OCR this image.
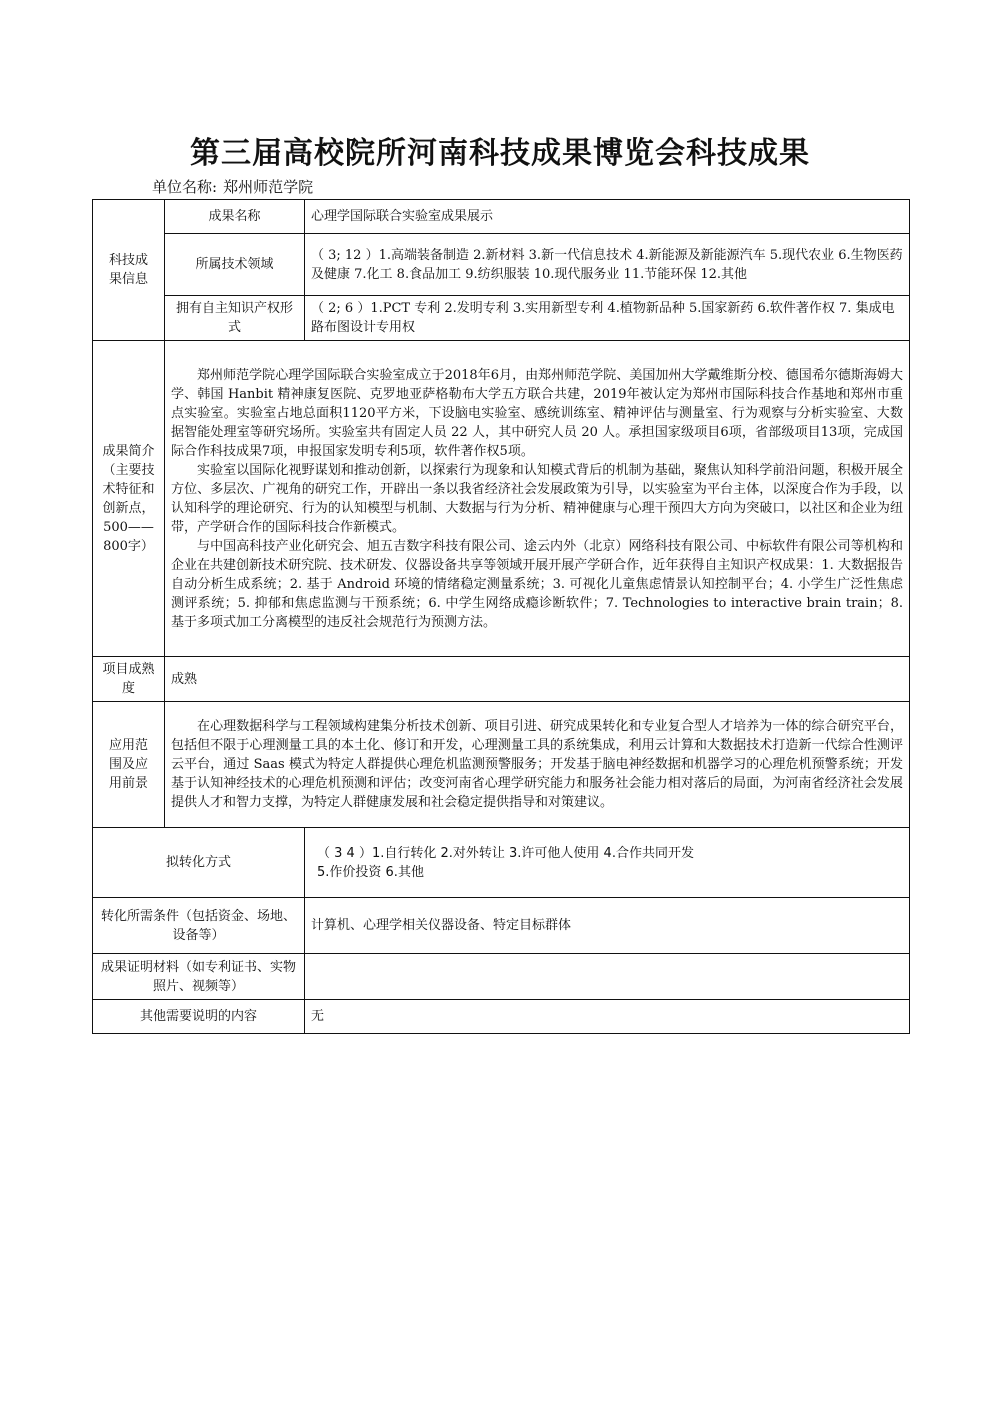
第三届高校院所河南科技成果博览会科技成果
单位名称: 郑州师范学院
科技成果信息	成果名称	心理学国际联合实验室成果展示
	所属技术领域	（ 3; 12 ）1.高端装备制造 2.新材料 3.新一代信息技术 4.新能源及新能源汽车 5.现代农业 6.生物医药及健康 7.化工 8.食品加工 9.纺织服装 10.现代服务业 11.节能环保 12.其他
	拥有自主知识产权形式	（ 2; 6 ）1.PCT 专利 2.发明专利 3.实用新型专利 4.植物新品种 5.国家新药 6.软件著作权 7. 集成电路布图设计专用权
成果简介（主要技术特征和创新点，500——800字）	郑州师范学院心理学国际联合实验室成立于2018年6月，由郑州师范学院、美国加州大学戴维斯分校、德国希尔德斯海姆大学、韩国 Hanbit 精神康复医院、克罗地亚萨格勒布大学五方联合共建，2019年被认定为郑州市国际科技合作基地和郑州市重点实验室。实验室占地总面积1120平方米，下设脑电实验室、感统训练室、精神评估与测量室、行为观察与分析实验室、大数据智能处理室等研究场所。实验室共有固定人员 22 人，其中研究人员 20 人。承担国家级项目6项，省部级项目13项，完成国际合作科技成果7项，申报国家发明专利5项，软件著作权5项。

实验室以国际化视野谋划和推动创新，以探索行为现象和认知模式背后的机制为基础，聚焦认知科学前沿问题，积极开展全方位、多层次、广视角的研究工作，开辟出一条以我省经济社会发展政策为引导，以实验室为平台主体，以深度合作为手段，以认知科学的理论研究、行为的认知模型与机制、大数据与行为分析、精神健康与心理干预四大方向为突破口，以社区和企业为纽带，产学研合作的国际科技合作新模式。

与中国高科技产业化研究会、旭五吉数字科技有限公司、途云内外（北京）网络科技有限公司、中标软件有限公司等机构和企业在共建创新技术研究院、技术研发、仪器设备共享等领域开展开展产学研合作，近年获得自主知识产权成果：1. 大数据报告自动分析生成系统；2. 基于 Android 环境的情绪稳定测量系统；3. 可视化儿童焦虑情景认知控制平台；4. 小学生广泛性焦虑测评系统；5. 抑郁和焦虑监测与干预系统；6. 中学生网络成瘾诊断软件；7. Technologies to interactive brain train；8. 基于多项式加工分离模型的违反社会规范行为预测方法。	

项目成熟度	成熟	
应用范围及应用前景	在心理数据科学与工程领域构建集分析技术创新、项目引进、研究成果转化和专业复合型人才培养为一体的综合研究平台，包括但不限于心理测量工具的本土化、修订和开发，心理测量工具的系统集成，利用云计算和大数据技术打造新一代综合性测评云平台，通过 Saas 模式为特定人群提供心理危机监测预警服务；开发基于脑电神经数据和机器学习的心理危机预警系统；开发基于认知神经技术的心理危机预测和评估；改变河南省心理学研究能力和服务社会能力相对落后的局面，为河南省经济社会发展提供人才和智力支撑，为特定人群健康发展和社会稳定提供指导和对策建议。	

拟转化方式		（ 3 4 ）1.自行转化 2.对外转让 3.许可他人使用 4.合作共同开发
5.作价投资 6.其他

转化所需条件（包括资金、场地、设备等）		计算机、心理学相关仪器设备、特定目标群体
成果证明材料（如专利证书、实物照片、视频等）		
其他需要说明的内容		无
